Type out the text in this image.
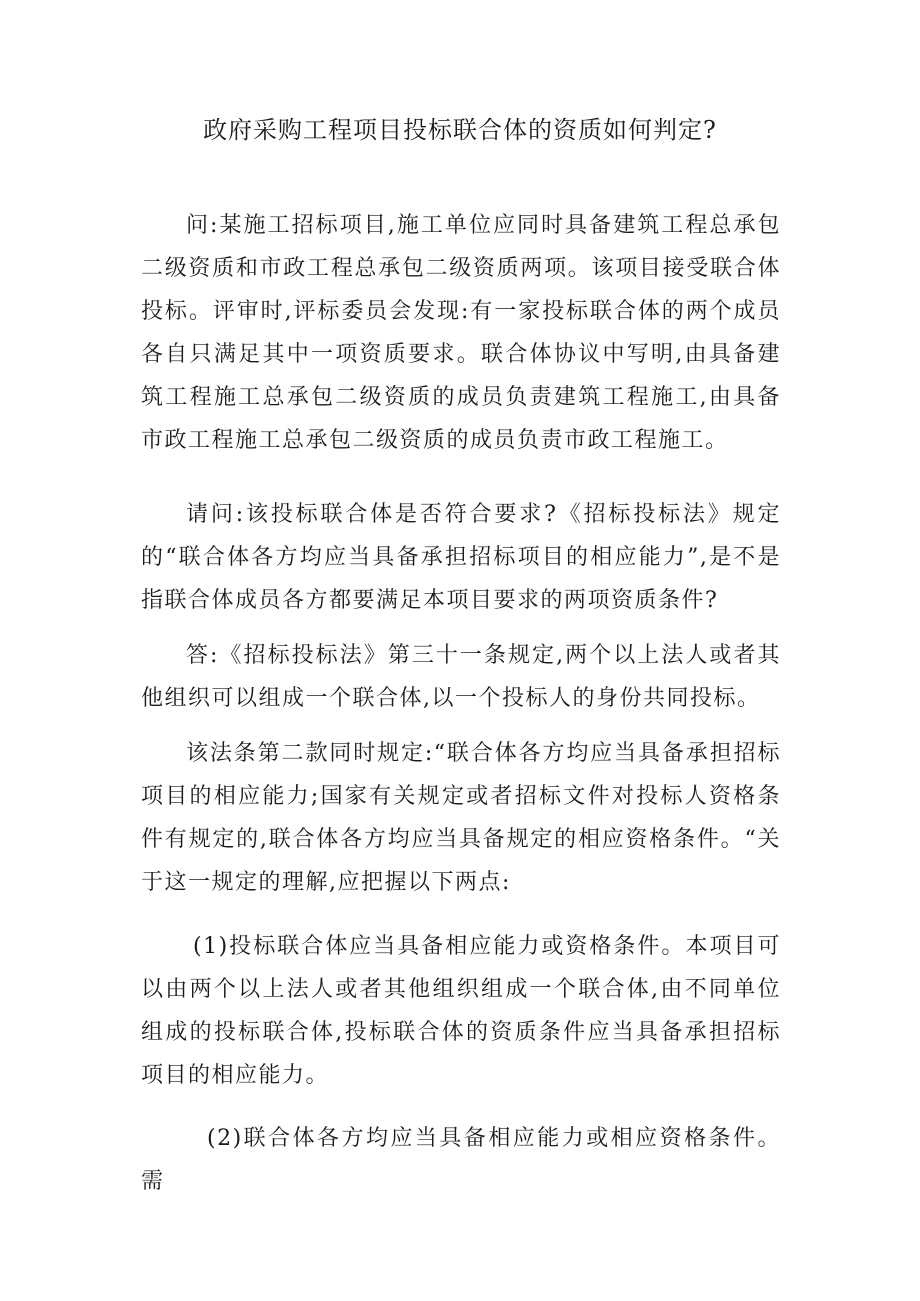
政府采购工程项目投标联合体的资质如何判定?

问:某施工招标项目,施工单位应同时具备建筑工程总承包二级资质和市政工程总承包二级资质两项。该项目接受联合体投标。评审时,评标委员会发现:有一家投标联合体的两个成员各自只满足其中一项资质要求。联合体协议中写明,由具备建筑工程施工总承包二级资质的成员负责建筑工程施工,由具备市政工程施工总承包二级资质的成员负责市政工程施工。

请问:该投标联合体是否符合要求?《招标投标法》规定的“联合体各方均应当具备承担招标项目的相应能力”,是不是指联合体成员各方都要满足本项目要求的两项资质条件?

答:《招标投标法》第三十一条规定,两个以上法人或者其他组织可以组成一个联合体,以一个投标人的身份共同投标。

该法条第二款同时规定:“联合体各方均应当具备承担招标项目的相应能力;国家有关规定或者招标文件对投标人资格条件有规定的,联合体各方均应当具备规定的相应资格条件。“关于这一规定的理解,应把握以下两点:

(1)投标联合体应当具备相应能力或资格条件。本项目可以由两个以上法人或者其他组织组成一个联合体,由不同单位组成的投标联合体,投标联合体的资质条件应当具备承担招标项目的相应能力。

(2)联合体各方均应当具备相应能力或相应资格条件。需
